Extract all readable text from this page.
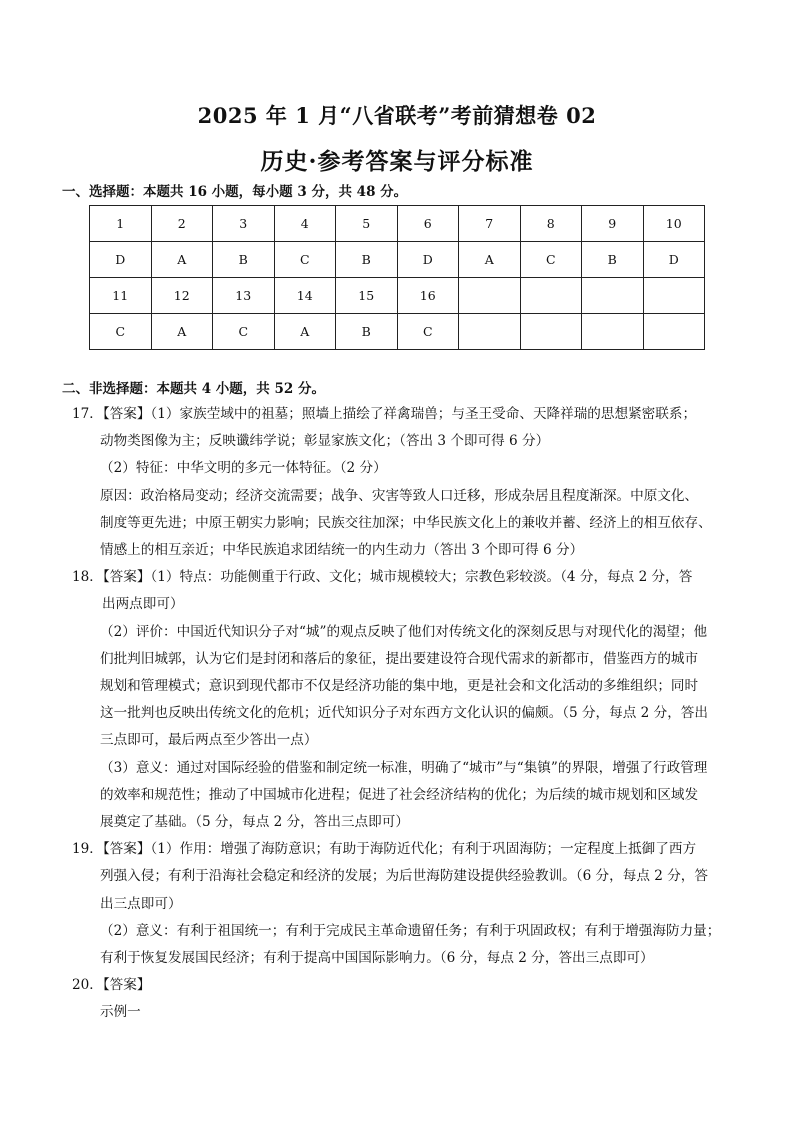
2025 年 1 月“八省联考”考前猜想卷 02
历史·参考答案与评分标准
一、选择题：本题共 16 小题，每小题 3 分，共 48 分。
1	2	3	4	5	6	7	8	9	10
D	A	B	C	B	D	A	C	B	D
11	12	13	14	15	16				
C	A	C	A	B	C				
二、非选择题：本题共 4 小题，共 52 分。

17．【答案】（1）家族茔域中的祖墓；照墙上描绘了祥禽瑞兽；与圣王受命、天降祥瑞的思想紧密联系；

动物类图像为主；反映谶纬学说；彰显家族文化；（答出 3 个即可得 6 分）

（2）特征：中华文明的多元一体特征。（2 分）

原因：政治格局变动；经济交流需要；战争、灾害等致人口迁移，形成杂居且程度渐深。中原文化、

制度等更先进；中原王朝实力影响；民族交往加深；中华民族文化上的兼收并蓄、经济上的相互依存、

情感上的相互亲近；中华民族追求团结统一的内生动力（答出 3 个即可得 6 分）

18．【答案】（1）特点：功能侧重于行政、文化；城市规模较大；宗教色彩较淡。（4 分，每点 2 分，答

出两点即可）

（2）评价：中国近代知识分子对“城”的观点反映了他们对传统文化的深刻反思与对现代化的渴望；他

们批判旧城郭，认为它们是封闭和落后的象征，提出要建设符合现代需求的新都市，借鉴西方的城市

规划和管理模式；意识到现代都市不仅是经济功能的集中地，更是社会和文化活动的多维组织；同时

这一批判也反映出传统文化的危机；近代知识分子对东西方文化认识的偏颇。（5 分，每点 2 分，答出

三点即可，最后两点至少答出一点）

（3）意义：通过对国际经验的借鉴和制定统一标准，明确了“城市”与“集镇”的界限，增强了行政管理

的效率和规范性；推动了中国城市化进程；促进了社会经济结构的优化；为后续的城市规划和区域发

展奠定了基础。（5 分，每点 2 分，答出三点即可）

19．【答案】（1）作用：增强了海防意识；有助于海防近代化；有利于巩固海防；一定程度上抵御了西方

列强入侵；有利于沿海社会稳定和经济的发展；为后世海防建设提供经验教训。（6 分，每点 2 分，答

出三点即可）

（2）意义：有利于祖国统一；有利于完成民主革命遗留任务；有利于巩固政权；有利于增强海防力量；

有利于恢复发展国民经济；有利于提高中国国际影响力。（6 分，每点 2 分，答出三点即可）

20．【答案】

示例一
